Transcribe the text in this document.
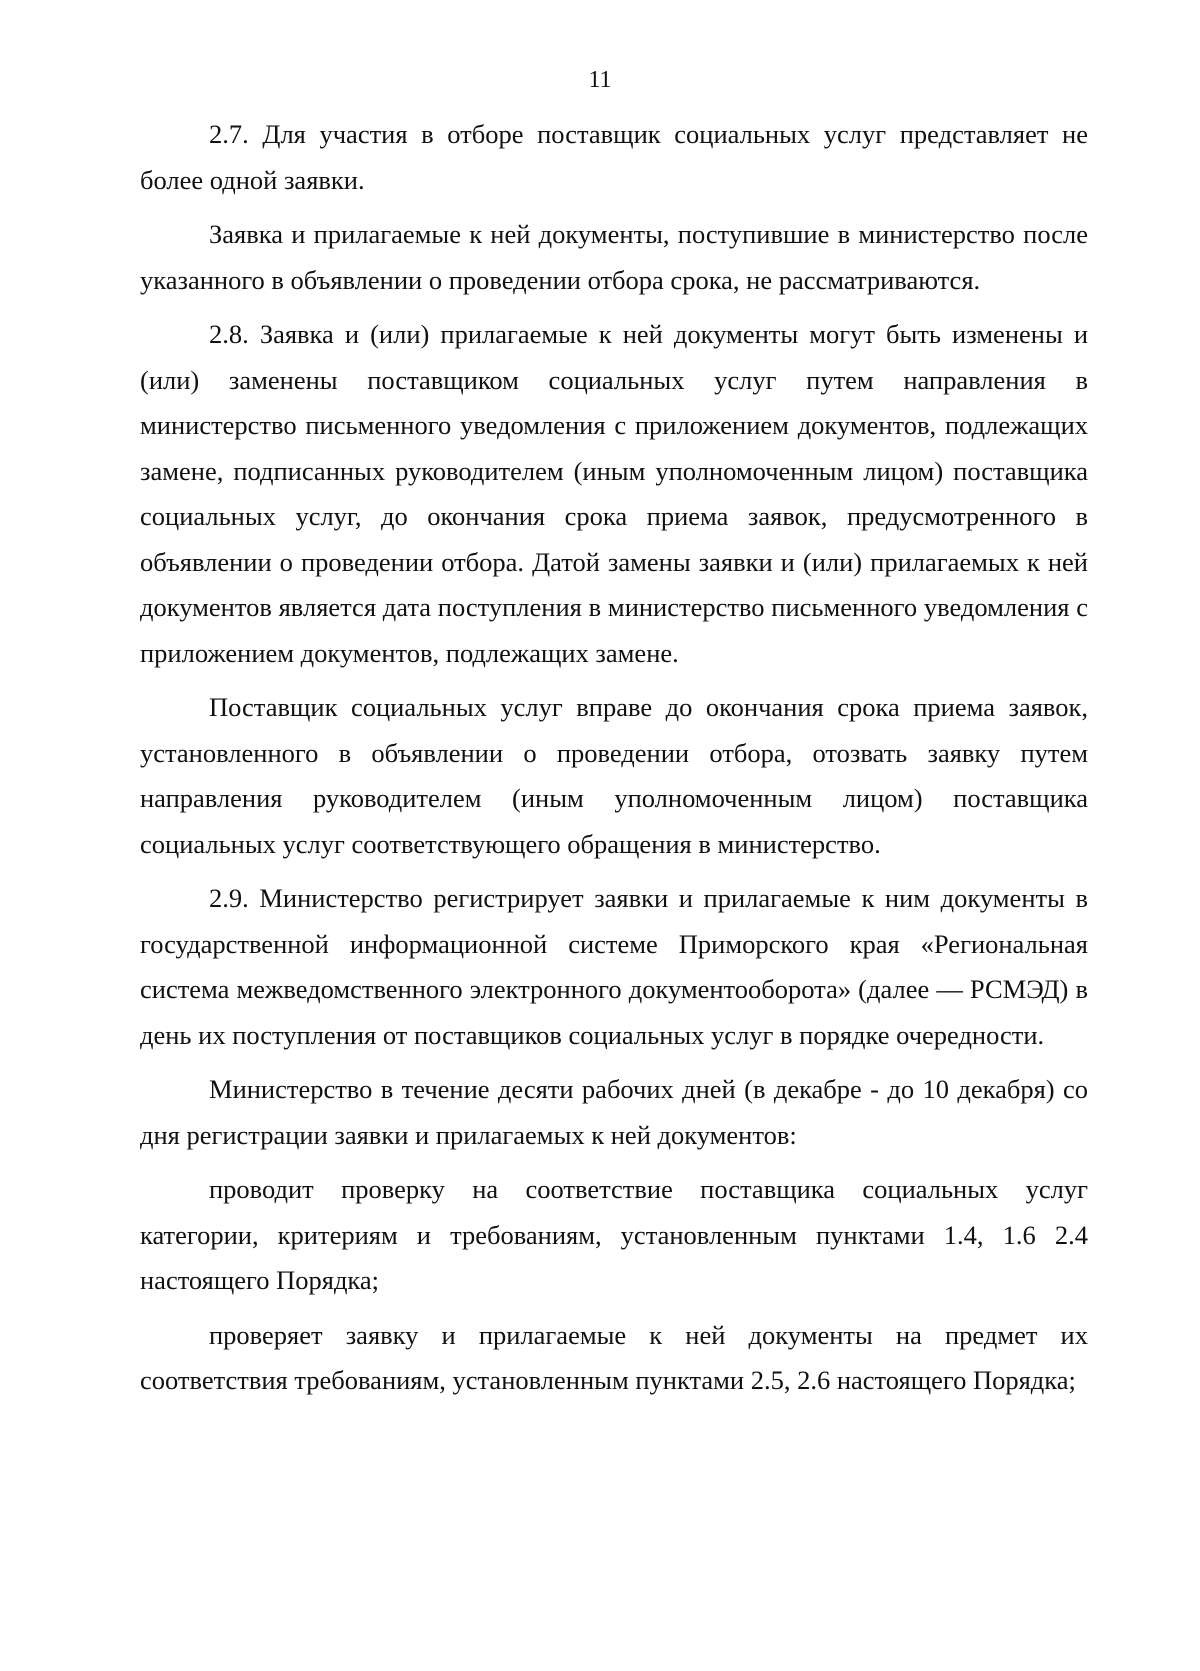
11

2.7. Для участия в отборе поставщик социальных услуг представляет не более одной заявки.

Заявка и прилагаемые к ней документы, поступившие в министерство после указанного в объявлении о проведении отбора срока, не рассматриваются.

2.8. Заявка и (или) прилагаемые к ней документы могут быть изменены и (или) заменены поставщиком социальных услуг путем направления в министерство письменного уведомления с приложением документов, подлежащих замене, подписанных руководителем (иным уполномоченным лицом) поставщика социальных услуг, до окончания срока приема заявок, предусмотренного в объявлении о проведении отбора. Датой замены заявки и (или) прилагаемых к ней документов является дата поступления в министерство письменного уведомления с приложением документов, подлежащих замене.

Поставщик социальных услуг вправе до окончания срока приема заявок, установленного в объявлении о проведении отбора, отозвать заявку путем направления руководителем (иным уполномоченным лицом) поставщика социальных услуг соответствующего обращения в министерство.

2.9. Министерство регистрирует заявки и прилагаемые к ним документы в государственной информационной системе Приморского края «Региональная система межведомственного электронного документооборота» (далее — РСМЭД) в день их поступления от поставщиков социальных услуг в порядке очередности.

Министерство в течение десяти рабочих дней (в декабре - до 10 декабря) со дня регистрации заявки и прилагаемых к ней документов:

проводит проверку на соответствие поставщика социальных услуг категории, критериям и требованиям, установленным пунктами 1.4, 1.6 2.4 настоящего Порядка;

проверяет заявку и прилагаемые к ней документы на предмет их соответствия требованиям, установленным пунктами 2.5, 2.6 настоящего Порядка;
